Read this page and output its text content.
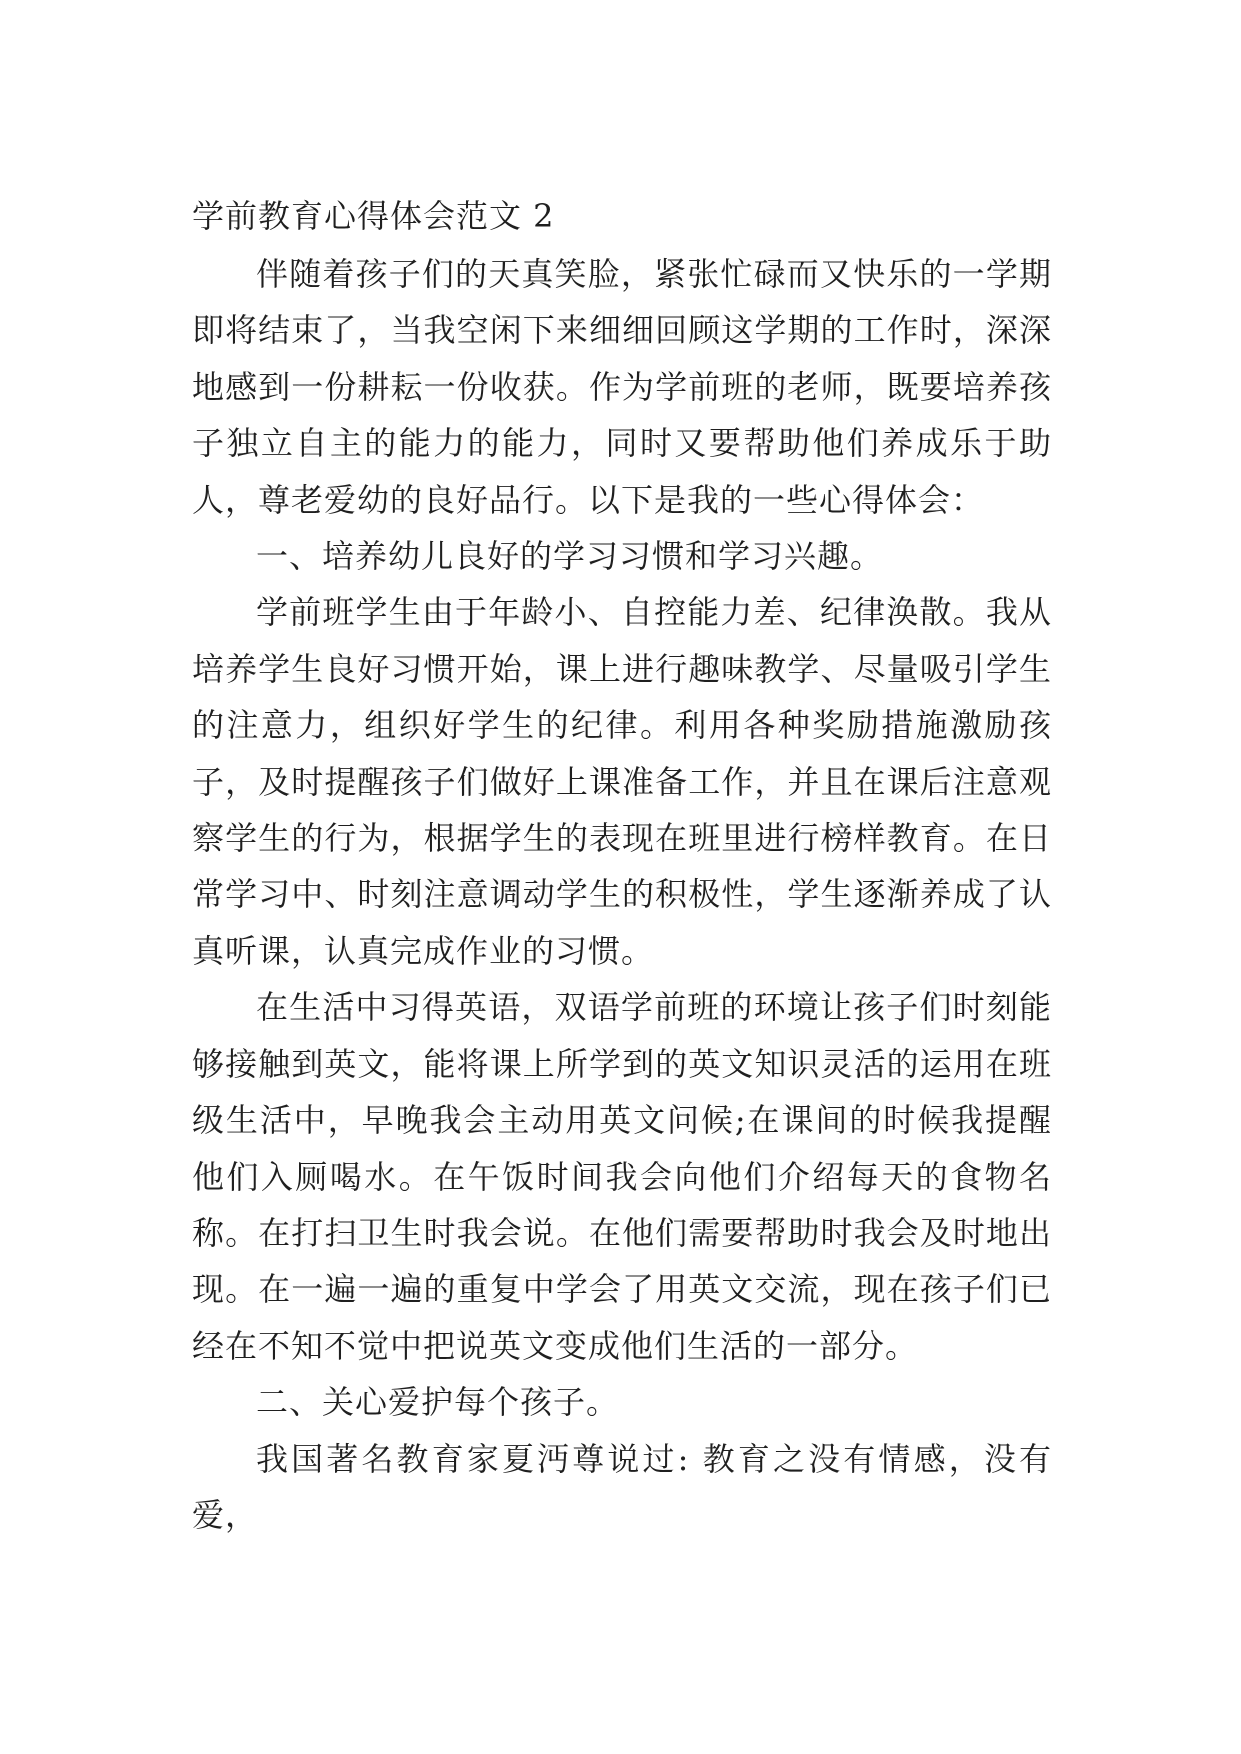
学前教育心得体会范文 2

伴随着孩子们的天真笑脸，紧张忙碌而又快乐的一学期即将结束了，当我空闲下来细细回顾这学期的工作时，深深地感到一份耕耘一份收获。作为学前班的老师，既要培养孩子独立自主的能力的能力，同时又要帮助他们养成乐于助人，尊老爱幼的良好品行。以下是我的一些心得体会：

一、培养幼儿良好的学习习惯和学习兴趣。

学前班学生由于年龄小、自控能力差、纪律涣散。我从培养学生良好习惯开始，课上进行趣味教学、尽量吸引学生的注意力，组织好学生的纪律。利用各种奖励措施激励孩子，及时提醒孩子们做好上课准备工作，并且在课后注意观察学生的行为，根据学生的表现在班里进行榜样教育。在日常学习中、时刻注意调动学生的积极性，学生逐渐养成了认真听课，认真完成作业的习惯。

在生活中习得英语，双语学前班的环境让孩子们时刻能够接触到英文，能将课上所学到的英文知识灵活的运用在班级生活中，早晚我会主动用英文问候;在课间的时候我提醒他们入厕喝水。在午饭时间我会向他们介绍每天的食物名称。在打扫卫生时我会说。在他们需要帮助时我会及时地出现。在一遍一遍的重复中学会了用英文交流，现在孩子们已经在不知不觉中把说英文变成他们生活的一部分。

二、关心爱护每个孩子。

我国著名教育家夏沔尊说过: 教育之没有情感，没有爱，
